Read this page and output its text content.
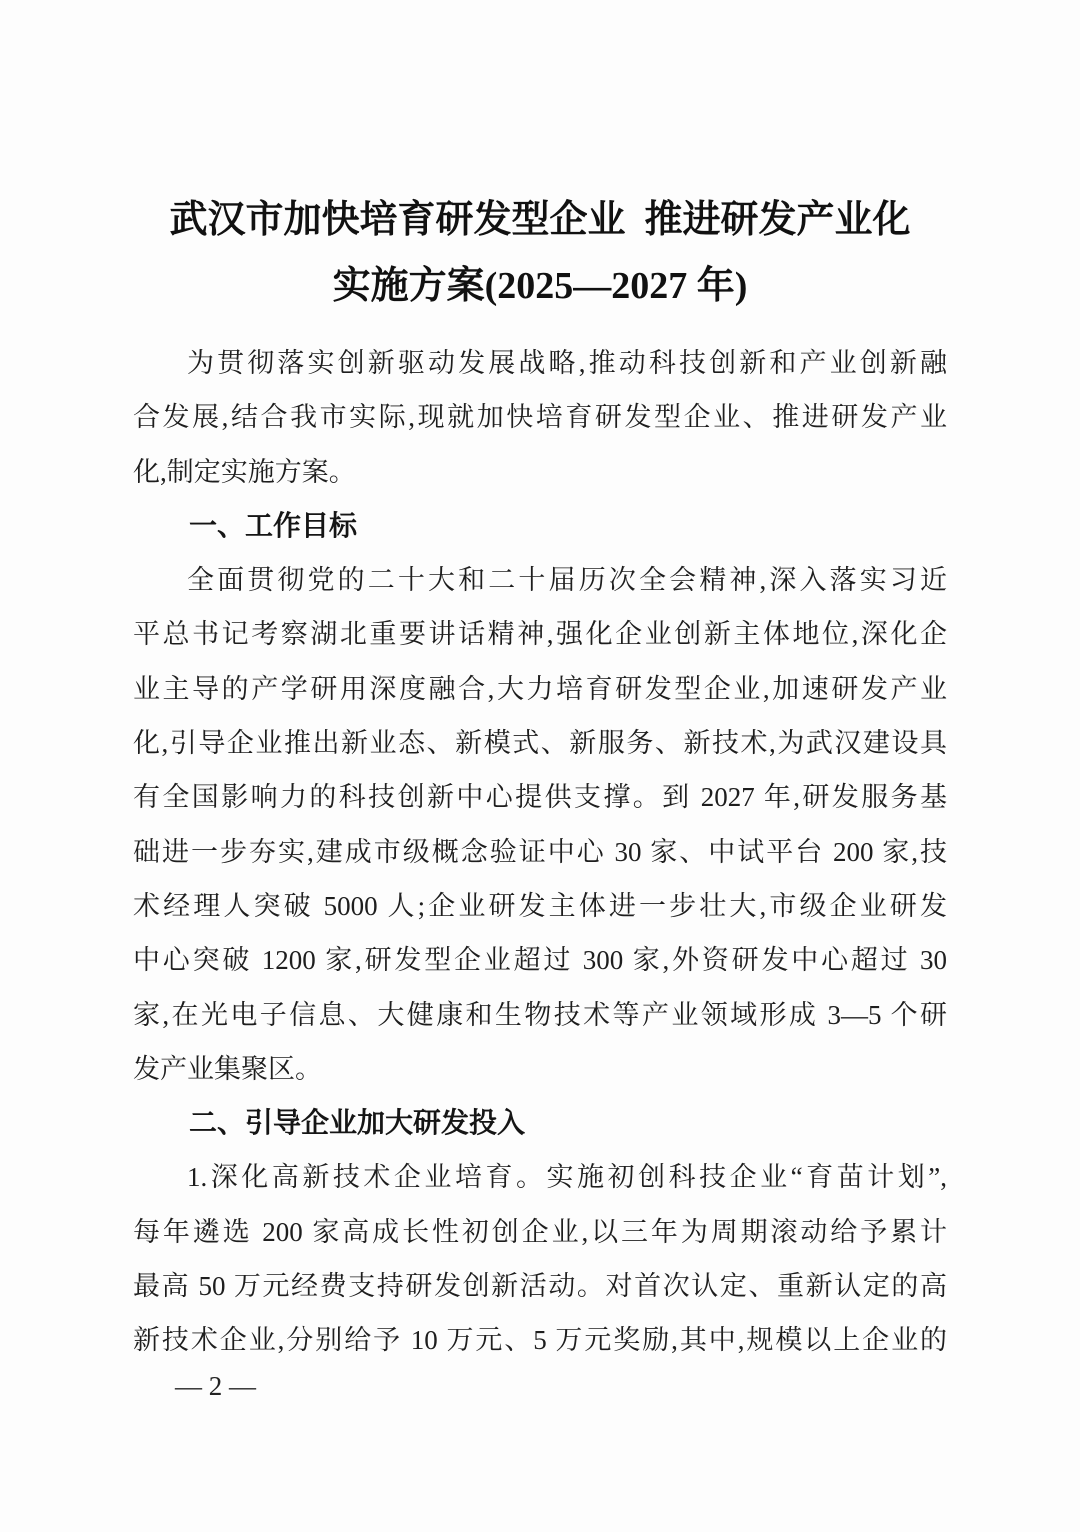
武汉市加快培育研发型企业 推进研发产业化
实施方案(2025—2027 年)
为贯彻落实创新驱动发展战略,推动科技创新和产业创新融
合发展,结合我市实际,现就加快培育研发型企业、推进研发产业
化,制定实施方案。
一、工作目标
全面贯彻党的二十大和二十届历次全会精神,深入落实习近
平总书记考察湖北重要讲话精神,强化企业创新主体地位,深化企
业主导的产学研用深度融合,大力培育研发型企业,加速研发产业
化,引导企业推出新业态、新模式、新服务、新技术,为武汉建设具
有全国影响力的科技创新中心提供支撑。到 2027 年,研发服务基
础进一步夯实,建成市级概念验证中心 30 家、中试平台 200 家,技
术经理人突破 5000 人;企业研发主体进一步壮大,市级企业研发
中心突破 1200 家,研发型企业超过 300 家,外资研发中心超过 30
家,在光电子信息、大健康和生物技术等产业领域形成 3—5 个研
发产业集聚区。
二、引导企业加大研发投入
1.深化高新技术企业培育。实施初创科技企业“育苗计划”,
每年遴选 200 家高成长性初创企业,以三年为周期滚动给予累计
最高 50 万元经费支持研发创新活动。对首次认定、重新认定的高
新技术企业,分别给予 10 万元、5 万元奖励,其中,规模以上企业的
— 2 —
